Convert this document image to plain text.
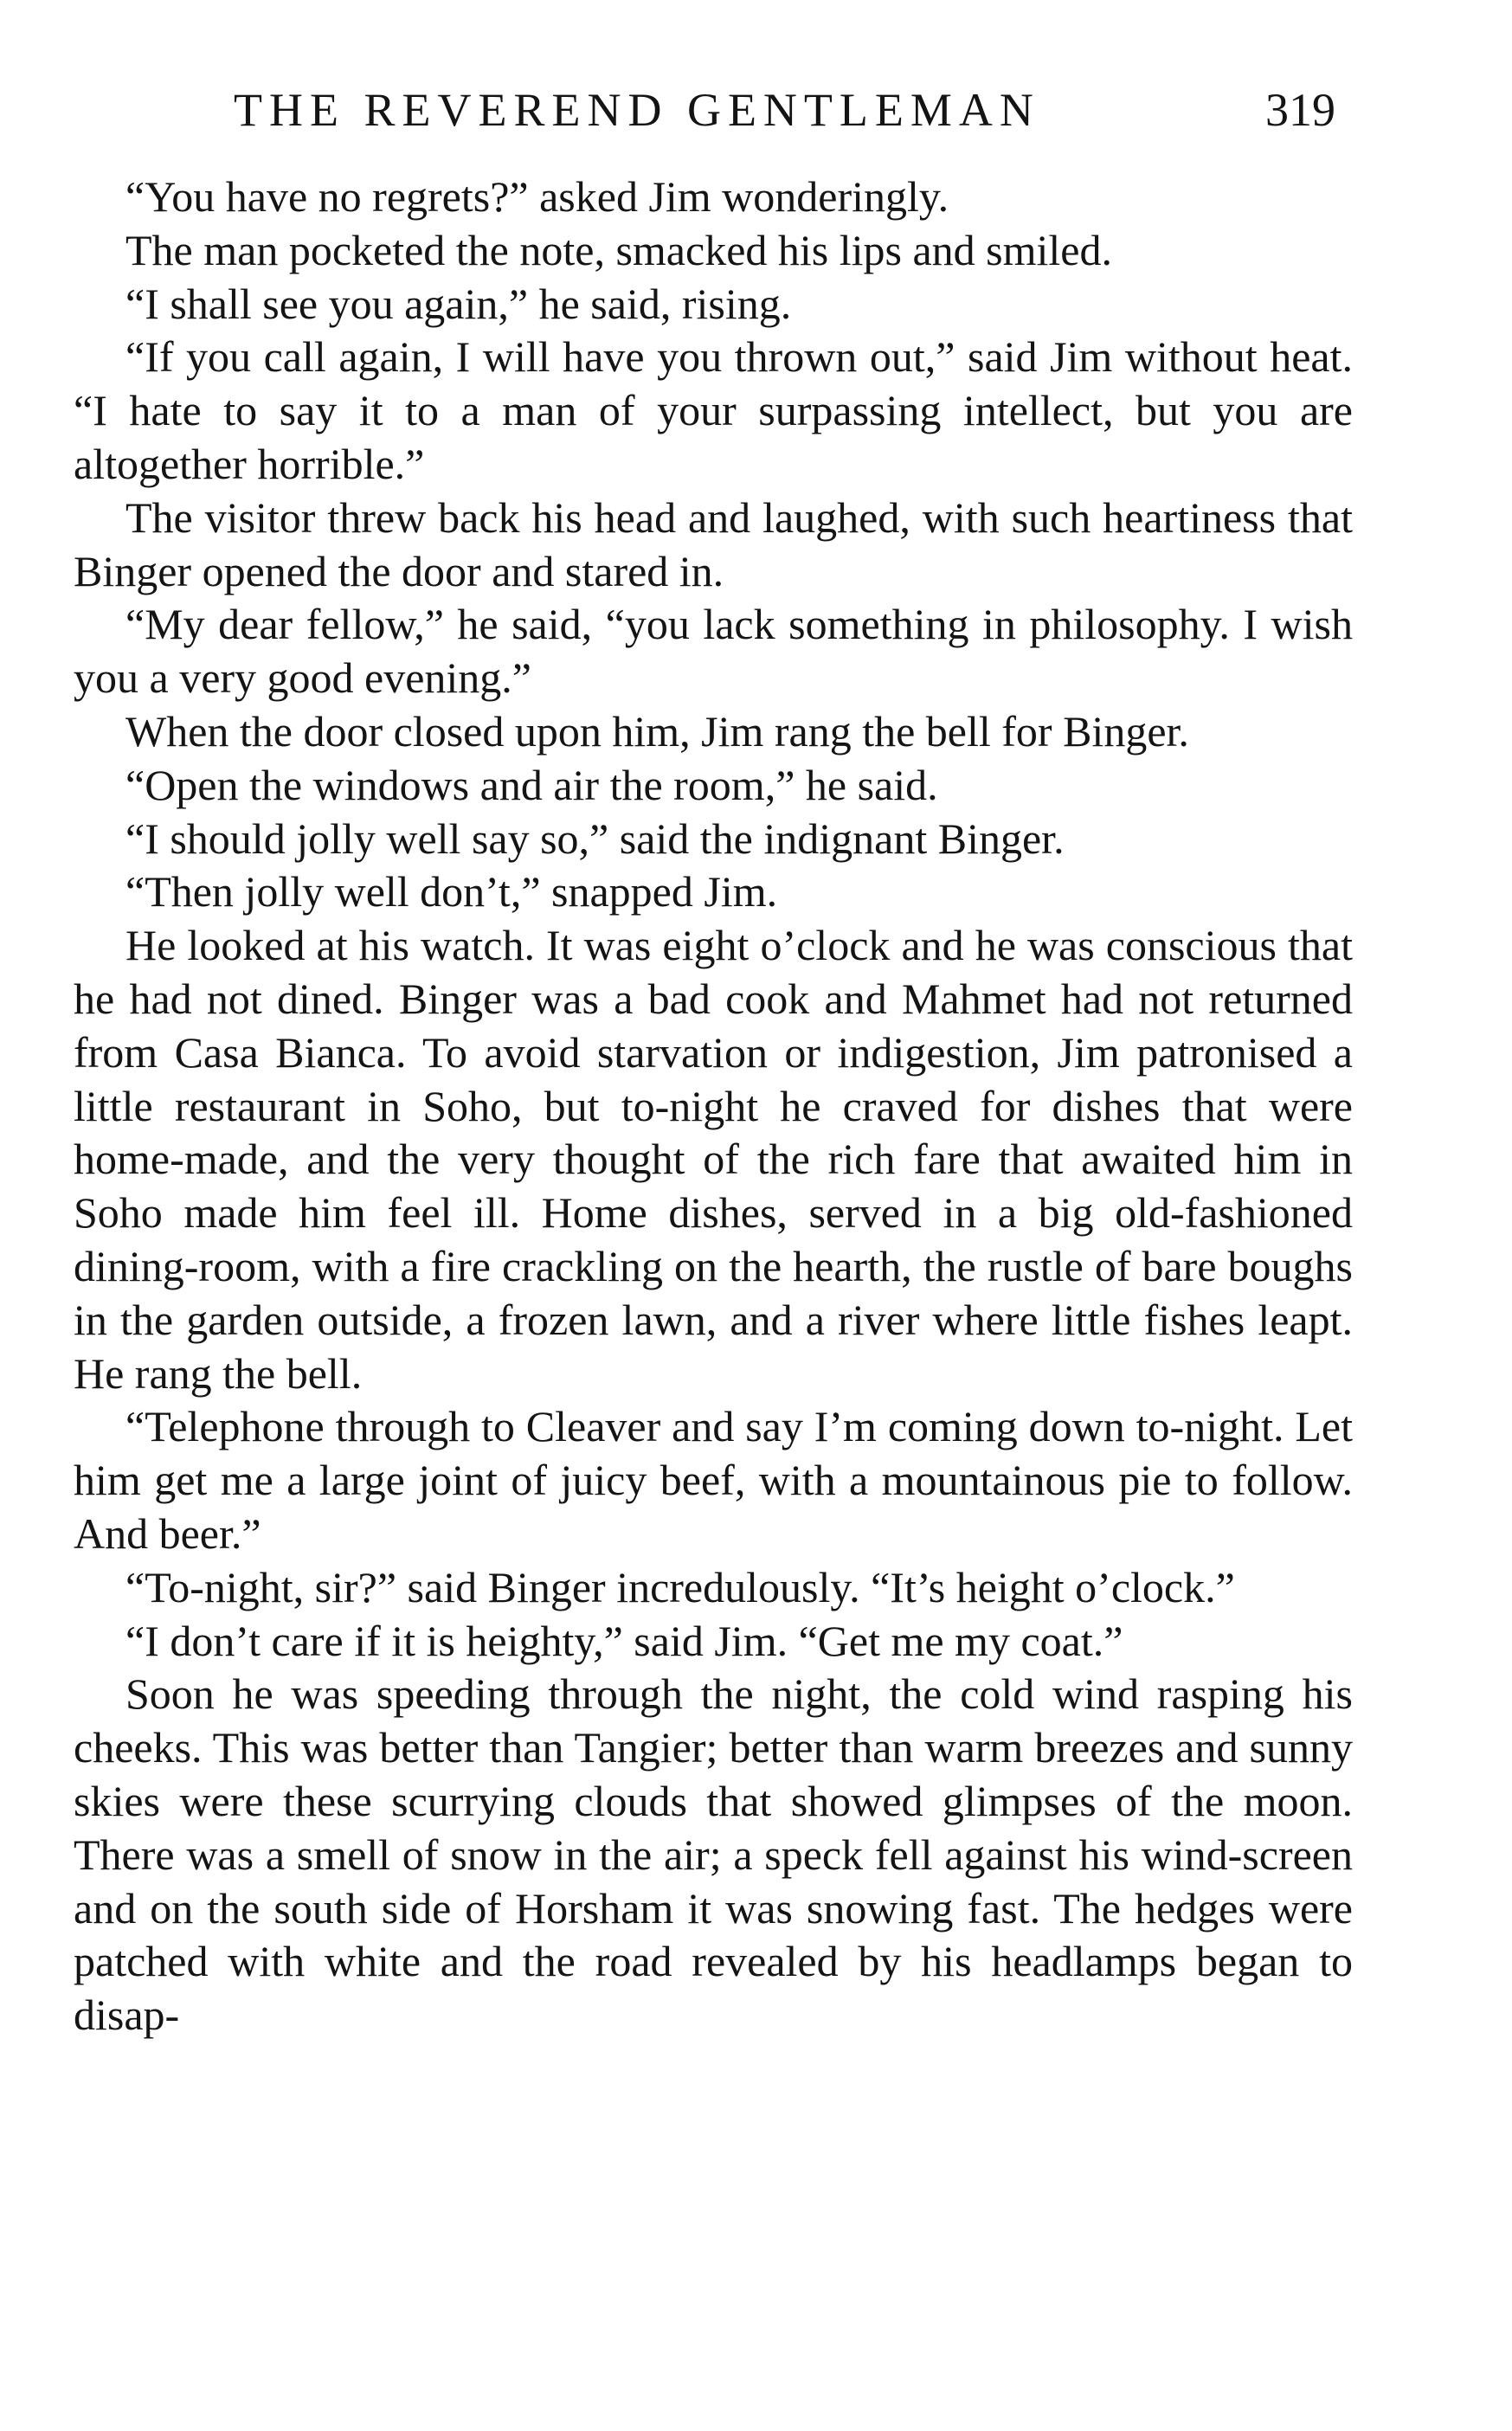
THE REVEREND GENTLEMAN	319

“You have no regrets?” asked Jim wonderingly.

The man pocketed the note, smacked his lips and smiled.

“I shall see you again,” he said, rising.

“If you call again, I will have you thrown out,” said Jim without heat. “I hate to say it to a man of your surpassing intellect, but you are altogether horrible.”

The visitor threw back his head and laughed, with such heartiness that Binger opened the door and stared in.

“My dear fellow,” he said, “you lack something in philosophy. I wish you a very good evening.”

When the door closed upon him, Jim rang the bell for Binger.

“Open the windows and air the room,” he said.

“I should jolly well say so,” said the indignant Binger.

“Then jolly well don’t,” snapped Jim.

He looked at his watch. It was eight o’clock and he was conscious that he had not dined. Binger was a bad cook and Mahmet had not returned from Casa Bianca. To avoid starvation or indigestion, Jim patronised a little restaurant in Soho, but to-night he craved for dishes that were home-made, and the very thought of the rich fare that awaited him in Soho made him feel ill. Home dishes, served in a big old-fashioned dining-room, with a fire crackling on the hearth, the rustle of bare boughs in the garden outside, a frozen lawn, and a river where little fishes leapt. He rang the bell.

“Telephone through to Cleaver and say I’m coming down to-night. Let him get me a large joint of juicy beef, with a mountainous pie to follow. And beer.”

“To-night, sir?” said Binger incredulously. “It’s height o’clock.”

“I don’t care if it is heighty,” said Jim. “Get me my coat.”

Soon he was speeding through the night, the cold wind rasping his cheeks. This was better than Tangier; better than warm breezes and sunny skies were these scurrying clouds that showed glimpses of the moon. There was a smell of snow in the air; a speck fell against his wind-screen and on the south side of Horsham it was snowing fast. The hedges were patched with white and the road revealed by his headlamps began to disap-
